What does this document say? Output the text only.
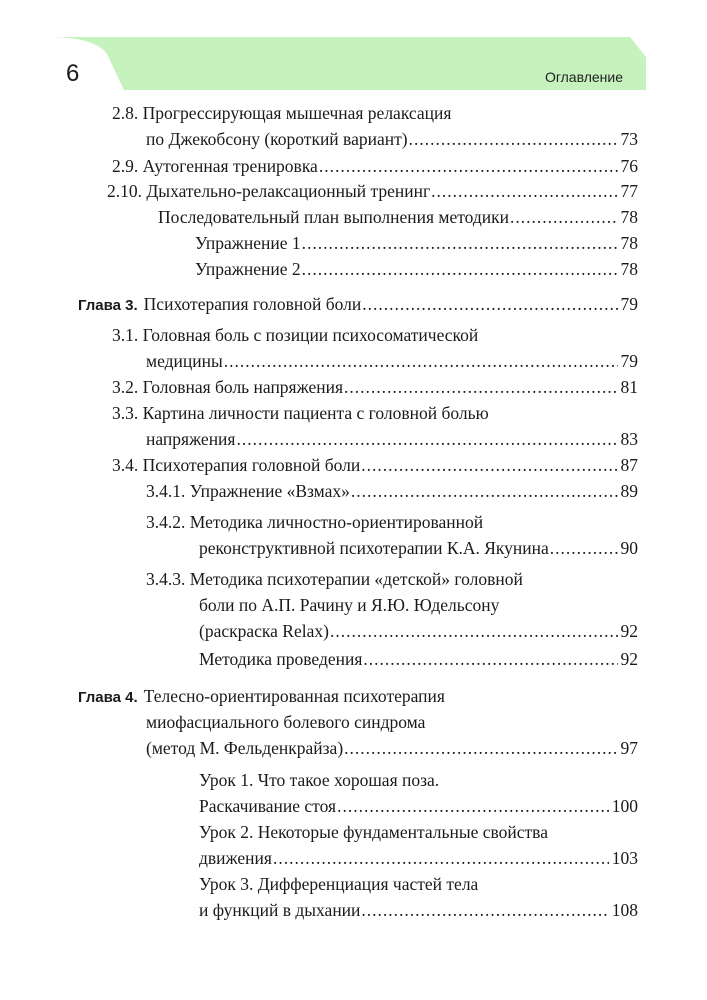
6	Оглавление
2.8. Прогрессирующая мышечная релаксация
по Джекобсону (короткий вариант) .....	73
2.9. Аутогенная тренировка .....	76
2.10. Дыхательно-релаксационный тренинг .....	77
Последовательный план выполнения методики .....	78
Упражнение 1 .....	78
Упражнение 2 .....	78
Глава 3. Психотерапия головной боли .....	79
3.1. Головная боль с позиции психосоматической
медицины .....	79
3.2. Головная боль напряжения .....	81
3.3. Картина личности пациента с головной болью
напряжения .....	83
3.4. Психотерапия головной боли .....	87
3.4.1. Упражнение «Взмах» .....	89
3.4.2. Методика личностно-ориентированной
реконструктивной психотерапии К.А. Якунина .....	90
3.4.3. Методика психотерапии «детской» головной
боли по А.П. Рачину и Я.Ю. Юдельсону
(раскраска Relax) .....	92
Методика проведения .....	92
Глава 4. Телесно-ориентированная психотерапия
миофасциального болевого синдрома
(метод М. Фельденкрайза) .....	97
Урок 1. Что такое хорошая поза.
Раскачивание стоя .....	100
Урок 2. Некоторые фундаментальные свойства
движения .....	103
Урок 3. Дифференциация частей тела
и функций в дыхании .....	108
